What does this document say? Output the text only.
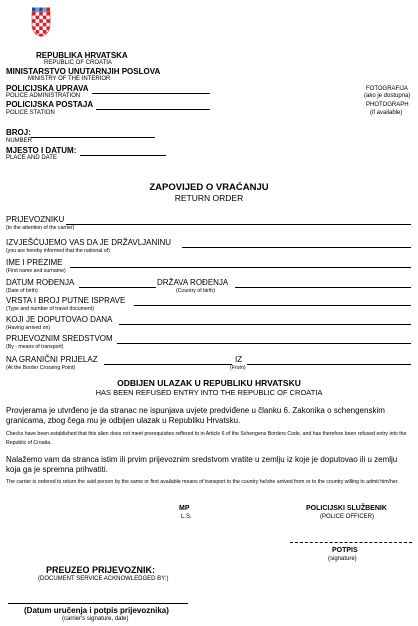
REPUBLIKA HRVATSKA
REPUBLIC OF CROATIA
MINISTARSTVO UNUTARNJIH POSLOVA
MINISTRY OF THE INTERIOR
POLICIJSKA UPRAVA
POLICE ADMINISTRATION
POLICIJSKA POSTAJA
POLICE STATION
FOTOGRAFIJA
(ako je dostupna)
PHOTOGRAPH
(if available)
BROJ:
NUMBER
MJESTO I DATUM:
PLACE AND DATE
ZAPOVIJED O VRAĆANJU
RETURN ORDER
PRIJEVOZNIKU
(to the attention of the carrier)
IZVJEŠĆUJEMO VAS DA JE DRŽAVLJANINU
(you are hereby informed that the national of)
IME I PREZIME
(First name and surname)
DATUM ROĐENJA	DRŽAVA ROĐENJA
(Date of birth)	(Country of birth)
VRSTA I BROJ PUTNE ISPRAVE
(Type and number of travel document)
KOJI JE DOPUTOVAO DANA
(Having arrived on)
PRIJEVOZNIM SREDSTVOM
(By - means of transport)
NA GRANIČNI PRIJELAZ	IZ
(At the Border Crossing Point)	(From)
ODBIJEN ULAZAK U REPUBLIKU HRVATSKU
HAS BEEN REFUSED ENTRY INTO THE REPUBLIC OF CROATIA
Provjerama je utvrđeno je da stranac ne ispunjava uvjete predviđene u članku 6. Zakonika o schengenskim granicama, zbog čega mu je odbijen ulazak u Republiku Hrvatsku.
Checks have been established that this alien does not meet prerequisites reffered to in Article 6 of the Schengens Borders Code, and has therefore been refused entry into the Republic of Croatia.
Nalažemo vam da stranca istim ili prvim prijevoznim sredstvom vratite u zemlju iz koje je doputovao ili u zemlju koja ga je spremna prihvatiti.
The carrier is ordered to return the said person by the same or first available means of transport to the country he/she arrived from or to the country willing to admit him/her.
MP
L.S.
POLICIJSKI SLUŽBENIK
(POLICE OFFICER)
POTPIS
(signature)
PREUZEO PRIJEVOZNIK:
(DOCUMENT SERVICE ACKNOWLEDGED BY:)
(Datum uručenja i potpis prijevoznika)
(carrier's signature, date)
